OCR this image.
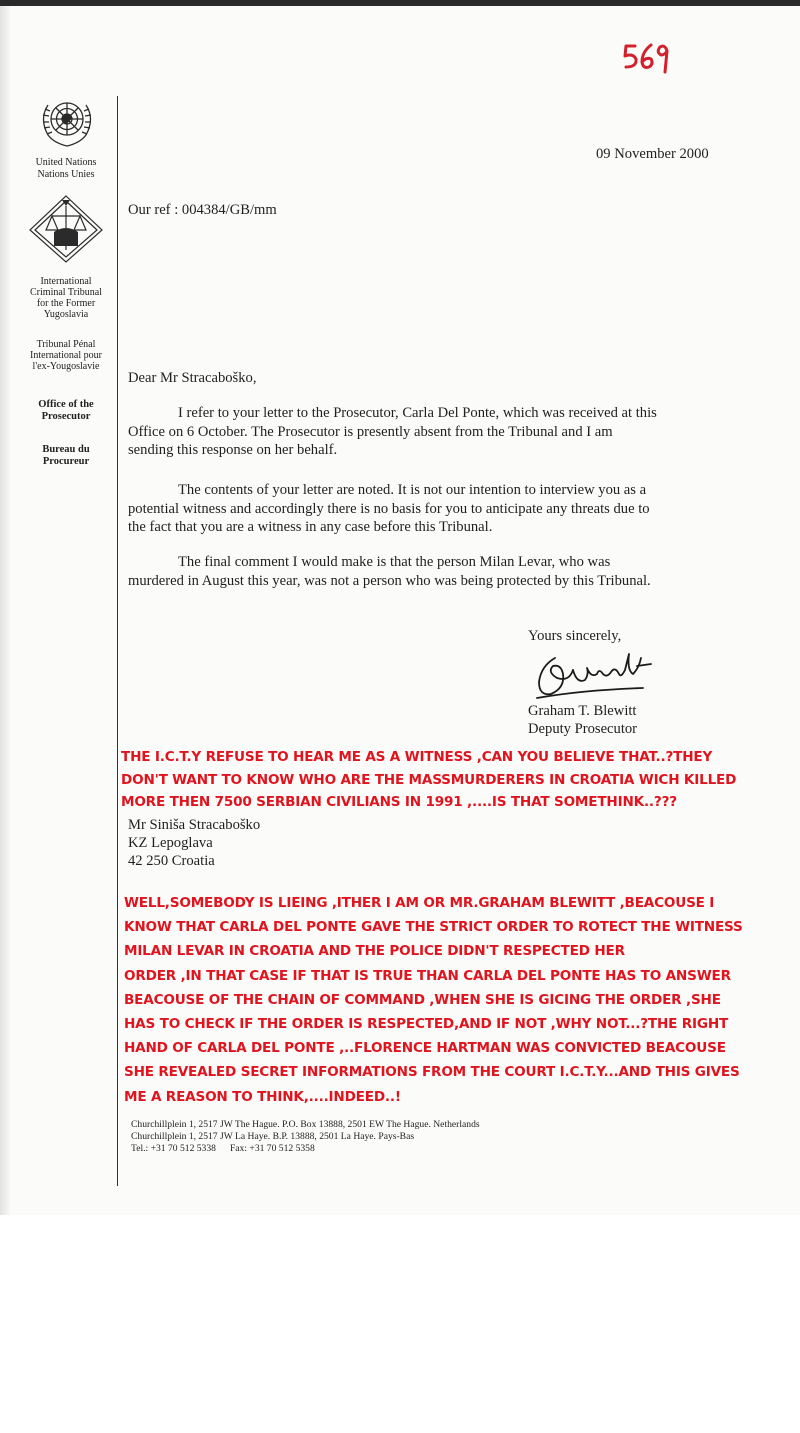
United Nations
Nations Unies
International
Criminal Tribunal
for the Former
Yugoslavia
Tribunal Pénal
International pour
l'ex-Yougoslavie
Office of the
Prosecutor
Bureau du
Procureur
09 November 2000
Our ref : 004384/GB/mm
Dear Mr Stracaboško,
I refer to your letter to the Prosecutor, Carla Del Ponte, which was received at this
Office on 6 October. The Prosecutor is presently absent from the Tribunal and I am
sending this response on her behalf.
The contents of your letter are noted. It is not our intention to interview you as a
potential witness and accordingly there is no basis for you to anticipate any threats due to
the fact that you are a witness in any case before this Tribunal.
The final comment I would make is that the person Milan Levar, who was
murdered in August this year, was not a person who was being protected by this Tribunal.
Yours sincerely,
Graham T. Blewitt
Deputy Prosecutor
THE I.C.T.Y REFUSE TO HEAR ME AS A WITNESS ,CAN YOU BELIEVE THAT..?THEY
DON'T WANT TO KNOW WHO ARE THE MASSMURDERERS IN CROATIA WICH KILLED
MORE THEN 7500 SERBIAN CIVILIANS IN 1991 ,....IS THAT SOMETHINK..???
Mr Siniša Stracaboško
KZ Lepoglava
42 250 Croatia
WELL,SOMEBODY IS LIEING ,ITHER I AM OR MR.GRAHAM BLEWITT ,BEACOUSE I
KNOW THAT CARLA DEL PONTE GAVE THE STRICT ORDER TO ROTECT THE WITNESS
MILAN LEVAR IN CROATIA AND THE POLICE DIDN'T RESPECTED HER
ORDER ,IN THAT CASE IF THAT IS TRUE THAN CARLA DEL PONTE HAS TO ANSWER
BEACOUSE OF THE CHAIN OF COMMAND ,WHEN SHE IS GICING THE ORDER ,SHE
HAS TO CHECK IF THE ORDER IS RESPECTED,AND IF NOT ,WHY NOT...?THE RIGHT
HAND OF CARLA DEL PONTE ,..FLORENCE HARTMAN WAS CONVICTED BEACOUSE
SHE REVEALED SECRET INFORMATIONS FROM THE COURT I.C.T.Y...AND THIS GIVES
ME A REASON TO THINK,....INDEED..!
Churchillplein 1, 2517 JW The Hague. P.O. Box 13888, 2501 EW The Hague. Netherlands
Churchillplein 1, 2517 JW La Haye. B.P. 13888, 2501 La Haye. Pays-Bas
Tel.: +31 70 512 5338 Fax: +31 70 512 5358
